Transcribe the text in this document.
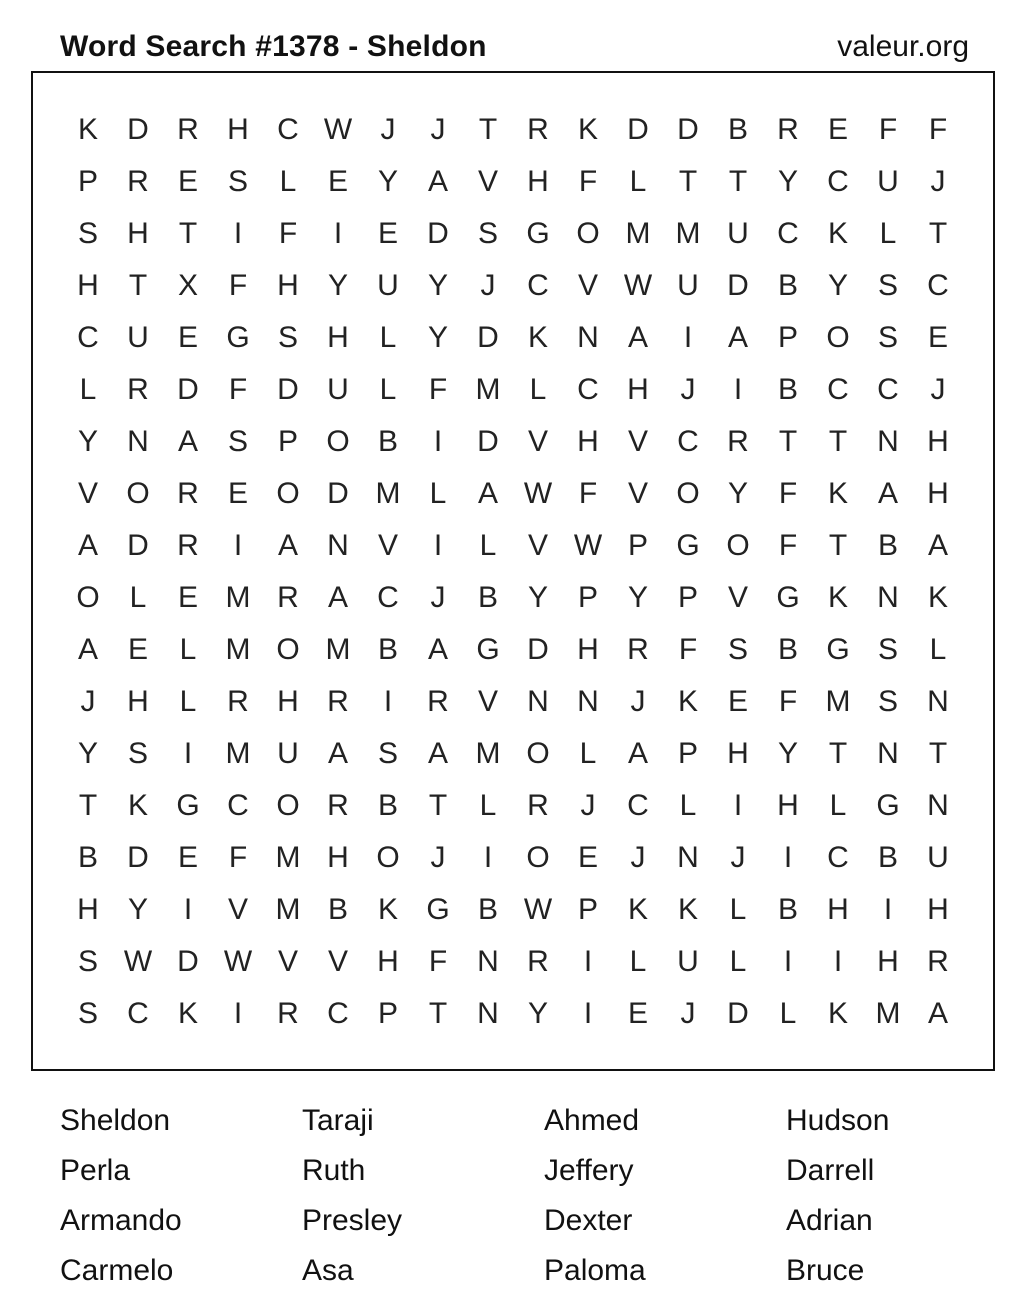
Word Search #1378 - Sheldon	valeur.org
K D R H C W J	J	T	R K D D B R E	F	F
P R E S	L	E Y A V H	F	L	T	T	Y C U	J
S H	T	I	F	I	E D S G O M M U C K	L	T
H	T	X	F	H Y U Y	J	C V W U D B Y S C
C U E G S H	L	Y D K N A	I	A P O S E
L	R D	F	D U	L	F M L	C H	J	I	B C C	J
Y N A S P O B	I	D V H V C R	T	T	N H
V O R E O D M L	A W F	V O Y	F	K A H
A D R	I	A N V	I	L	V W P G O F	T	B A
O L	E M R A C	J	B Y P Y P V G K N K
A E	L M O M B A G D H R	F	S B G S	L
J	H	L	R H R	I	R V N N	J	K E	F M S N
Y S	I	M U A S A M O L	A P H Y	T	N	T
T	K G C O R B	T	L	R	J	C	L	I	H	L G N
B D E	F M H O	J	I	O E	J	N	J	I	C B U
H Y	I	V M B K G B W P K K	L	B H	I	H
S W D W V V H	F	N R	I	L	U	L	I	I	H R
S C K	I	R C P	T	N Y	I	E	J	D	L	K M A
Sheldon	Taraji	Ahmed	Hudson
Perla	Ruth	Jeffery	Darrell
Armando	Presley	Dexter	Adrian
Carmelo	Asa	Paloma	Bruce
